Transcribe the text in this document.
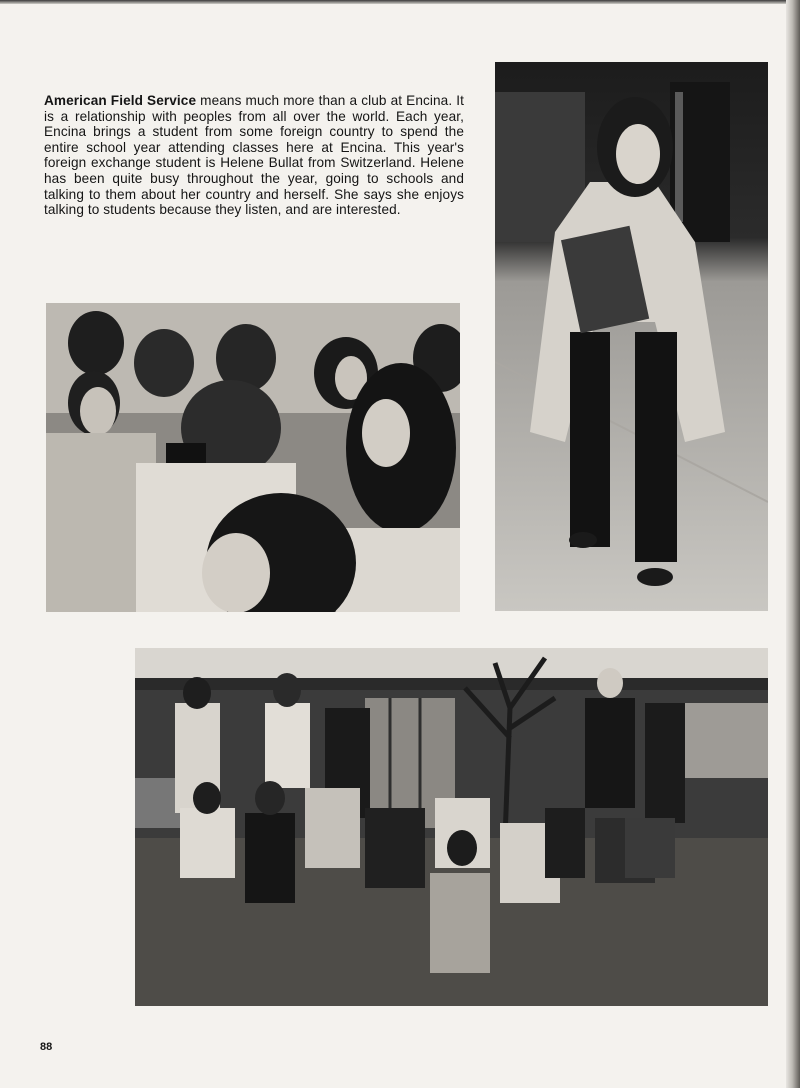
American Field Service means much more than a club at Encina. It is a relationship with peoples from all over the world. Each year, Encina brings a student from some foreign country to spend the entire school year attending classes here at Encina. This year's foreign exchange student is Helene Bullat from Switzerland. Helene has been quite busy throughout the year, going to schools and talking to them about her country and herself. She says she enjoys talking to students because they listen, and are interested.

88
